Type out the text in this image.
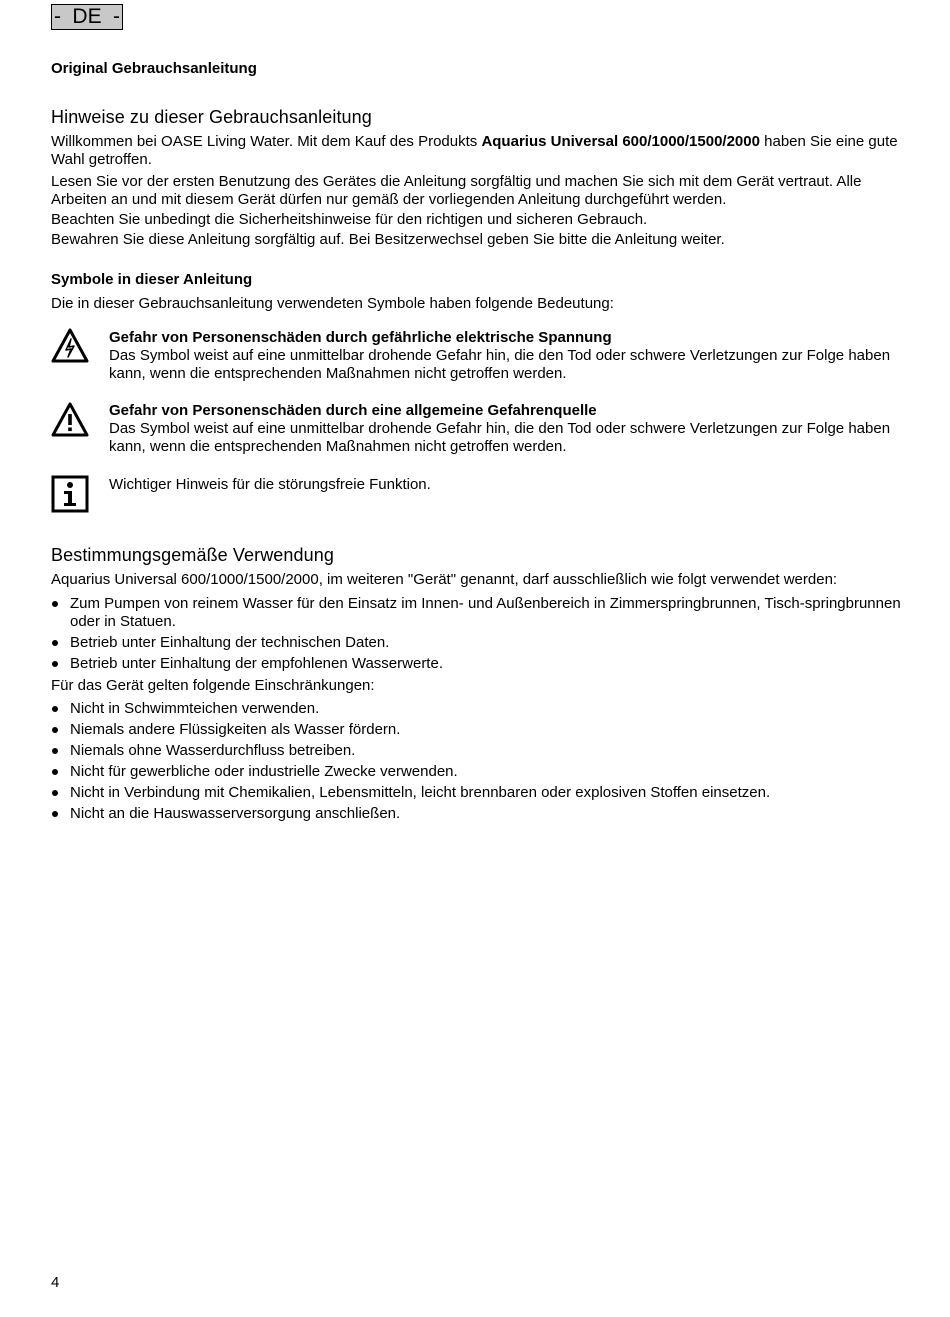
- DE -
Original Gebrauchsanleitung
Hinweise zu dieser Gebrauchsanleitung
Willkommen bei OASE Living Water. Mit dem Kauf des Produkts Aquarius Universal 600/1000/1500/2000 haben Sie eine gute Wahl getroffen.
Lesen Sie vor der ersten Benutzung des Gerätes die Anleitung sorgfältig und machen Sie sich mit dem Gerät vertraut. Alle Arbeiten an und mit diesem Gerät dürfen nur gemäß der vorliegenden Anleitung durchgeführt werden.
Beachten Sie unbedingt die Sicherheitshinweise für den richtigen und sicheren Gebrauch.
Bewahren Sie diese Anleitung sorgfältig auf. Bei Besitzerwechsel geben Sie bitte die Anleitung weiter.
Symbole in dieser Anleitung
Die in dieser Gebrauchsanleitung verwendeten Symbole haben folgende Bedeutung:
Gefahr von Personenschäden durch gefährliche elektrische Spannung
Das Symbol weist auf eine unmittelbar drohende Gefahr hin, die den Tod oder schwere Verletzungen zur Folge haben kann, wenn die entsprechenden Maßnahmen nicht getroffen werden.
Gefahr von Personenschäden durch eine allgemeine Gefahrenquelle
Das Symbol weist auf eine unmittelbar drohende Gefahr hin, die den Tod oder schwere Verletzungen zur Folge haben kann, wenn die entsprechenden Maßnahmen nicht getroffen werden.
Wichtiger Hinweis für die störungsfreie Funktion.
Bestimmungsgemäße Verwendung
Aquarius Universal 600/1000/1500/2000, im weiteren "Gerät" genannt, darf ausschließlich wie folgt verwendet werden:
Zum Pumpen von reinem Wasser für den Einsatz im Innen- und Außenbereich in Zimmerspringbrunnen, Tisch-springbrunnen oder in Statuen.
Betrieb unter Einhaltung der technischen Daten.
Betrieb unter Einhaltung der empfohlenen Wasserwerte.
Für das Gerät gelten folgende Einschränkungen:
Nicht in Schwimmteichen verwenden.
Niemals andere Flüssigkeiten als Wasser fördern.
Niemals ohne Wasserdurchfluss betreiben.
Nicht für gewerbliche oder industrielle Zwecke verwenden.
Nicht in Verbindung mit Chemikalien, Lebensmitteln, leicht brennbaren oder explosiven Stoffen einsetzen.
Nicht an die Hauswasserversorgung anschließen.
4
